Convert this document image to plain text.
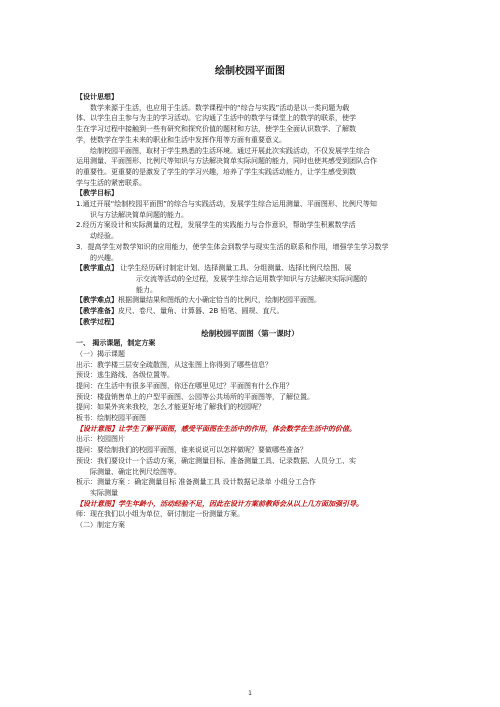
绘制校园平面图
【设计思想】
数学来源于生活，也应用于生活。数学课程中的“综合与实践”活动是以一类问题为载
体、以学生自主参与为主的学习活动。它沟通了生活中的数学与课堂上的数学的联系，使学
生在学习过程中接触到一些有研究和探究价值的题材和方法，使学生全面认识数学、了解数
学，使数学在学生未来的职业和生活中发挥作用等方面有重要意义。
绘制校园平面图，取材于学生熟悉的生活环境。通过开展此次实践活动，不仅发展学生综合
运用测量、平面图形、比例尺等知识与方法解决简单实际问题的能力，同时也使其感受到团队合作
的重要性。更重要的是激发了学生的学习兴趣，培养了学生实践活动能力，让学生感受到数
学与生活的紧密联系。
【教学目标】
1.通过开展“绘制校园平面图”的综合与实践活动，发展学生综合运用测量、平面图形、比例尺等知
识与方法解决简单问题的能力。
2.经历方案设计和实际测量的过程，发展学生的实践能力与合作意识，帮助学生积累数学活
动经验。
3．提高学生对数学知识的应用能力，使学生体会到数学与现实生活的联系和作用，增强学生学习数学
的兴趣。
【教学重点】 让学生经历研讨制定计划、选择测量工具、分组测量、选择比例尺绘图、展
示交流等活动的全过程，发展学生综合运用数学知识与方法解决实际问题的
能力。
【教学难点】根据测量结果和图纸的大小确定恰当的比例尺，绘制校园平面图。
【教学准备】皮尺、卷尺、量角、计算器、2B 铅笔、圆规、直尺。
【教学过程】
绘制校园平面图（第一课时）
一、 揭示课题，制定方案
（一）揭示课题
出示：教学楼三层安全疏散图，从这张图上你得到了哪些信息？
预设：逃生路线、各级位置等。
提问：在生活中有很多平面图，你还在哪里见过？平面图有什么作用？
预设：楼盘销售单上的户型平面图、公园等公共场所的平面图等，了解位置。
提问：如果外宾来我校，怎么才能更好地了解我们的校园呢？
板书：绘制校园平面图
【设计意图】让学生了解平面图，感受平面图在生活中的作用，体会数学在生活中的价值。
出示：校园图片
提问：要绘制我们的校园平面图，谁来说说可以怎样做呢？要做哪些准备？
预设：我们要设计一个活动方案，确定测量目标、准备测量工具、记录数据、人员分工、实
际测量、确定比例尺绘图等。
板示：测量方案 ：确定测量目标 准备测量工具 设计数据记录单 小组分工合作
实际测量
【设计意图】学生年龄小，活动经验不足，因此在设计方案前教师会从以上几方面加强引导。
师：现在我们以小组为单位，研讨制定一份测量方案。
（二）制定方案
1
